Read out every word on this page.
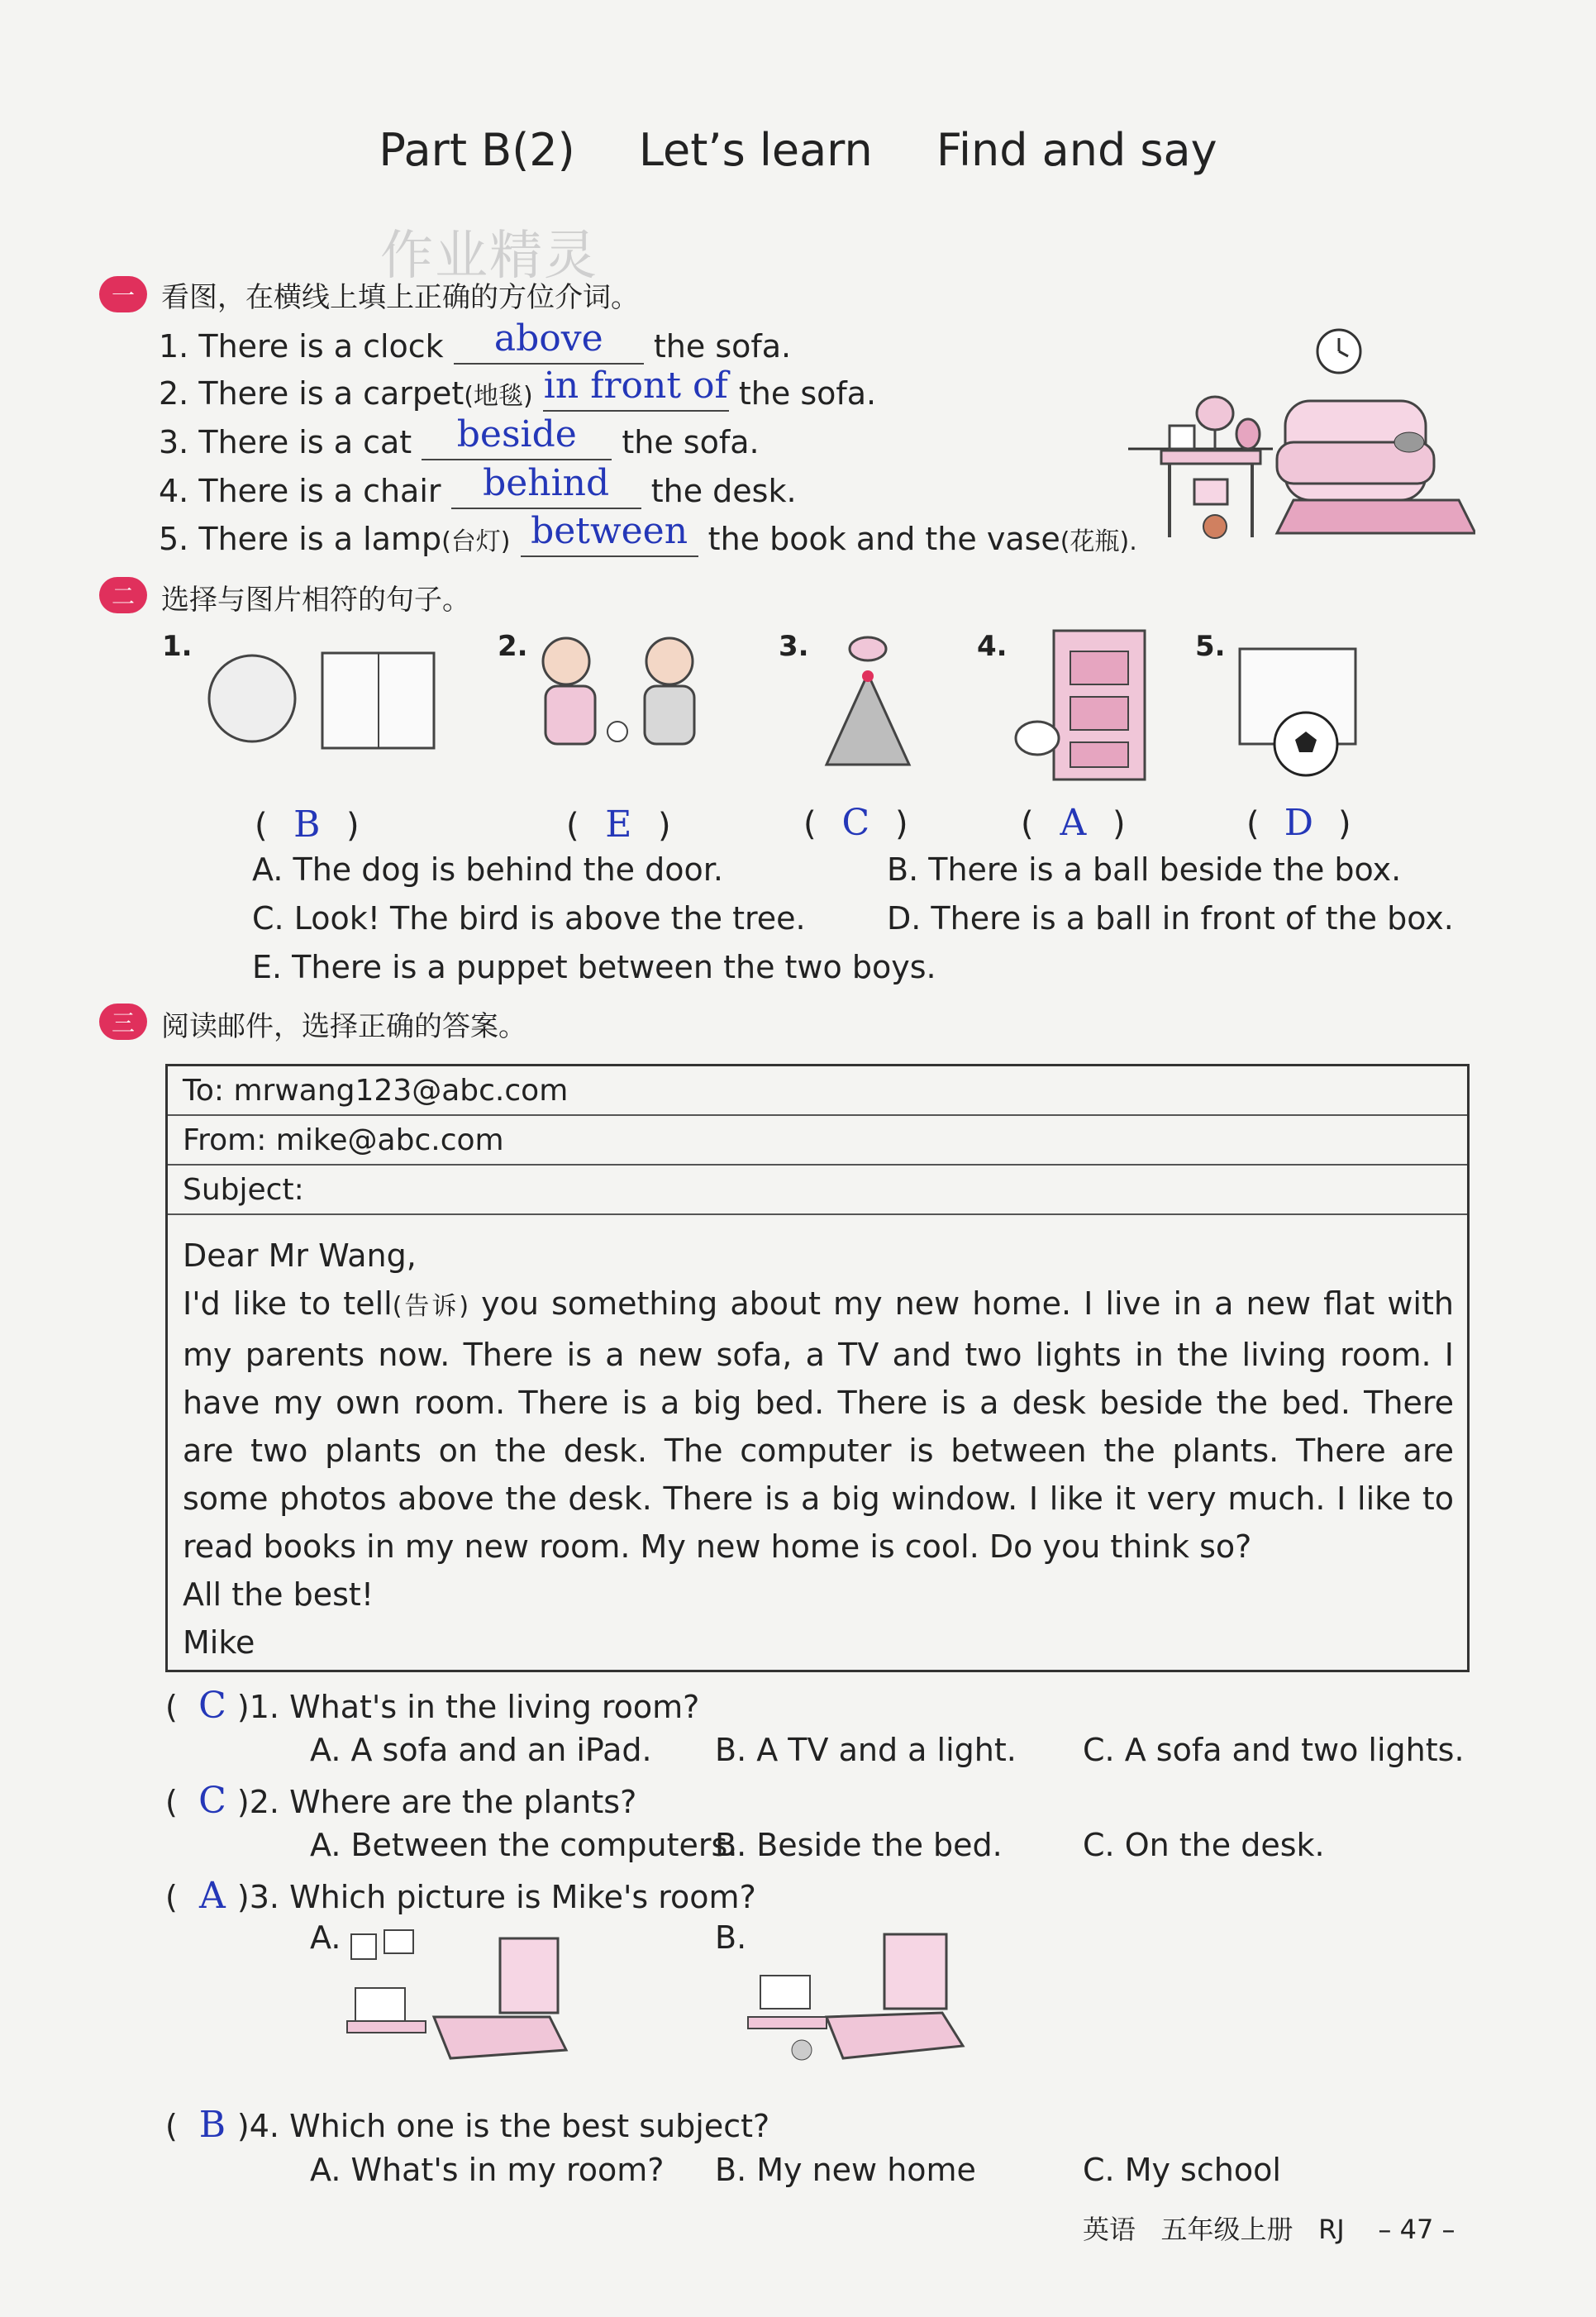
Part B(2) Let’s learn Find and say
作业精灵
一 看图，在横线上填上正确的方位介词。
1. There is a clock	above	the sofa.
2. There is a carpet(地毯) in front of the sofa.
3. There is a cat	beside	the sofa.
4. There is a chair	behind	the desk.
5. There is a lamp(台灯) between the book and the vase(花瓶).
二 选择与图片相符的句子。
1.	2.	3.	4.	5.
( B )	( E )	( C )	( A )	( D )
A. The dog is behind the door.	B. There is a ball beside the box.
C. Look! The bird is above the tree.	D. There is a ball in front of the box.
E. There is a puppet between the two boys.
三 阅读邮件，选择正确的答案。
To: mrwang123@abc.com
From: mike@abc.com
Subject:
Dear Mr Wang,
I'd like to tell(告诉) you something about my new home. I live in a new flat with my parents now. There is a new sofa, a TV and two lights in the living room. I have my own room. There is a big bed. There is a desk beside the bed. There are two plants on the desk. The computer is between the plants. There are some photos above the desk. There is a big window. I like it very much. I like to read books in my new room. My new home is cool. Do you think so?
All the best!
Mike
( C )1. What's in the living room?
A. A sofa and an iPad. B. A TV and a light. C. A sofa and two lights.
( C )2. Where are the plants?
A. Between the computers.
B. Beside the bed.	C. On the desk.
( A )3. Which picture is Mike's room?
A.	B.
( B )4. Which one is the best subject?
A. What's in my room? B. My new home	C. My school
英语 五年级上册 RJ – 47 –
